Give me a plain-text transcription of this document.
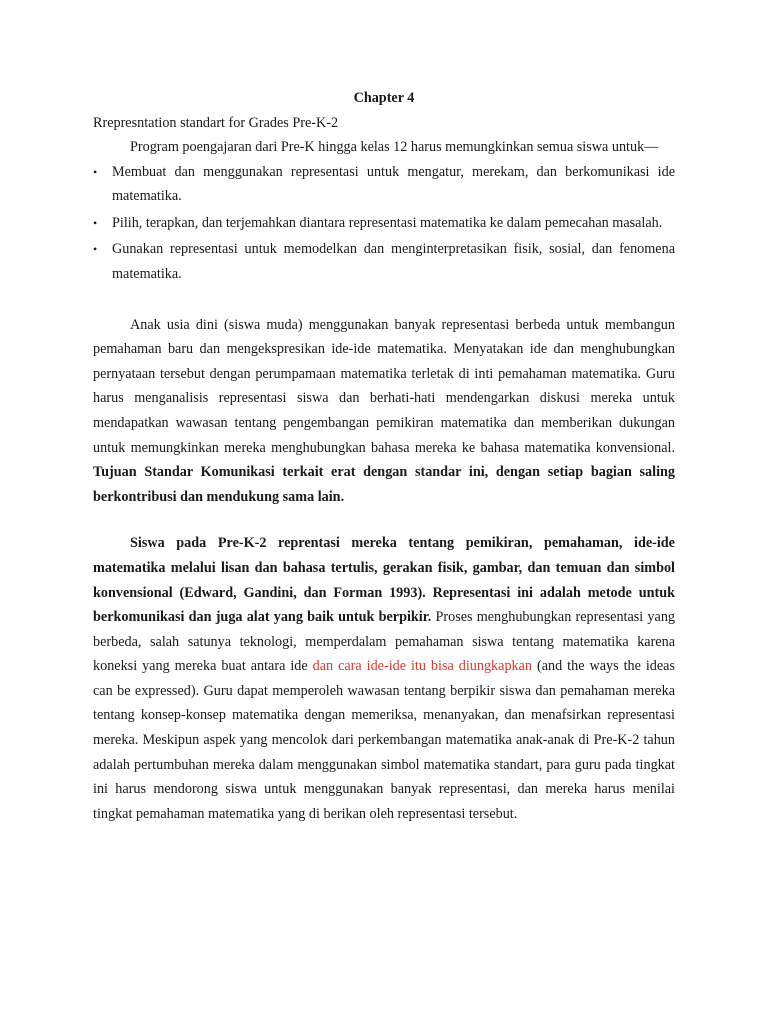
Chapter 4
Rrepresntation standart for Grades Pre-K-2

Program poengajaran dari Pre-K hingga kelas 12 harus memungkinkan semua siswa untuk—

• Membuat dan menggunakan representasi untuk mengatur, merekam, dan berkomunikasi ide matematika.
• Pilih, terapkan, dan terjemahkan diantara representasi matematika ke dalam pemecahan masalah.
• Gunakan representasi untuk memodelkan dan menginterpretasikan fisik, sosial, dan fenomena matematika.

Anak usia dini (siswa muda) menggunakan banyak representasi berbeda untuk membangun pemahaman baru dan mengekspresikan ide-ide matematika. Menyatakan ide dan menghubungkan pernyataan tersebut dengan perumpamaan matematika terletak di inti pemahaman matematika. Guru harus menganalisis representasi siswa dan berhati-hati mendengarkan diskusi mereka untuk mendapatkan wawasan tentang pengembangan pemikiran matematika dan memberikan dukungan untuk memungkinkan mereka menghubungkan bahasa mereka ke bahasa matematika konvensional. Tujuan Standar Komunikasi terkait erat dengan standar ini, dengan setiap bagian saling berkontribusi dan mendukung sama lain.

Siswa pada Pre-K-2 reprentasi mereka tentang pemikiran, pemahaman, ide-ide matematika melalui lisan dan bahasa tertulis, gerakan fisik, gambar, dan temuan dan simbol konvensional (Edward, Gandini, dan Forman 1993). Representasi ini adalah metode untuk berkomunikasi dan juga alat yang baik untuk berpikir. Proses menghubungkan representasi yang berbeda, salah satunya teknologi, memperdalam pemahaman siswa tentang matematika karena koneksi yang mereka buat antara ide dan cara ide-ide itu bisa diungkapkan (and the ways the ideas can be expressed). Guru dapat memperoleh wawasan tentang berpikir siswa dan pemahaman mereka tentang konsep-konsep matematika dengan memeriksa, menanyakan, dan menafsirkan representasi mereka. Meskipun aspek yang mencolok dari perkembangan matematika anak-anak di Pre-K-2 tahun adalah pertumbuhan mereka dalam menggunakan simbol matematika standart, para guru pada tingkat ini harus mendorong siswa untuk menggunakan banyak representasi, dan mereka harus menilai tingkat pemahaman matematika yang di berikan oleh representasi tersebut.
